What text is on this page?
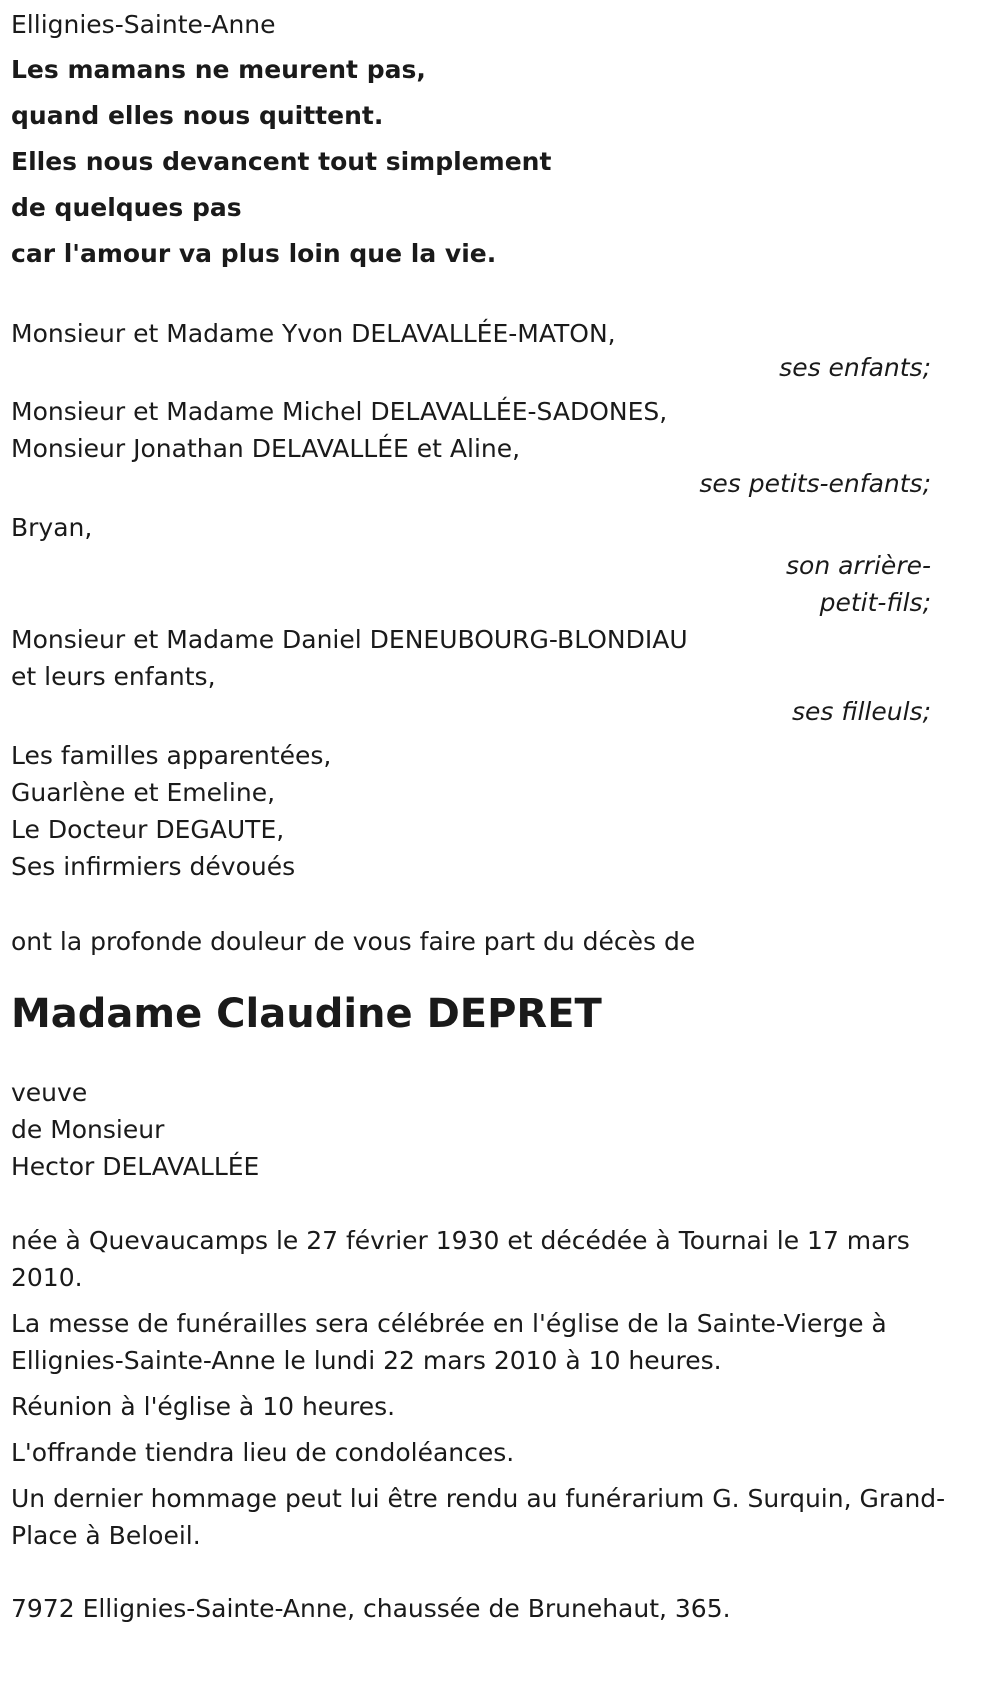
Ellignies-Sainte-Anne
Les mamans ne meurent pas,
quand elles nous quittent.
Elles nous devancent tout simplement
de quelques pas
car l'amour va plus loin que la vie.
Monsieur et Madame Yvon DELAVALLÉE-MATON,
ses enfants;
Monsieur et Madame Michel DELAVALLÉE-SADONES,
Monsieur Jonathan DELAVALLÉE et Aline,
ses petits-enfants;
Bryan,
son arrière-
petit-fils;
Monsieur et Madame Daniel DENEUBOURG-BLONDIAU
et leurs enfants,
ses filleuls;
Les familles apparentées,
Guarlène et Emeline,
Le Docteur DEGAUTE,
Ses infirmiers dévoués
ont la profonde douleur de vous faire part du décès de
Madame Claudine DEPRET
veuve
de Monsieur
Hector DELAVALLÉE
née à Quevaucamps le 27 février 1930 et décédée à Tournai le 17 mars 2010.
La messe de funérailles sera célébrée en l'église de la Sainte-Vierge à Ellignies-Sainte-Anne le lundi 22 mars 2010 à 10 heures.
Réunion à l'église à 10 heures.
L'offrande tiendra lieu de condoléances.
Un dernier hommage peut lui être rendu au funérarium G. Surquin, Grand-Place à Beloeil.
7972 Ellignies-Sainte-Anne, chaussée de Brunehaut, 365.
